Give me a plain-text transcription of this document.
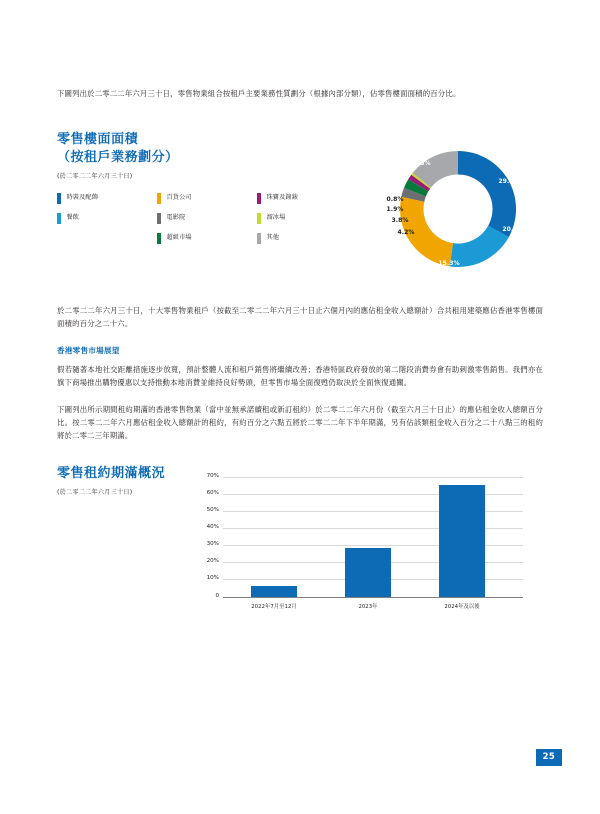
下圖列出於二零二二年六月三十日，零售物業組合按租戶主要業務性質劃分（根據內部分類），佔零售樓面面積的百分比。

零售樓面面積
（按租戶業務劃分）
(於二零二二年六月三十日)
時裝及配飾
餐飲
百貨公司
電影院
超級市場
珠寶及鐘錶
溜冰場
其他
29.3%
20.2%
15.3%
4.2%
3.8%
1.9%
0.8%
24.5%

於二零二二年六月三十日，十大零售物業租戶（按截至二零二二年六月三十日止六個月內的應佔租金收入總額計）合共租用建築應佔香港零售樓面面積的百分之二十六。

香港零售市場展望

假若隨著本地社交距離措施逐步放寬，預計整體人流和租戶銷售將繼續改善；香港特區政府發放的第二階段消費券會有助刺激零售銷售。我們亦在旗下商場推出購物優惠以支持推動本地消費並維持良好勢頭，但零售市場全面復甦仍取決於全面恢復通關。

下圖列出所示期間租約期滿的香港零售物業（當中並無承諾續租或新訂租約）於二零二二年六月份（截至六月三十日止）的應佔租金收入總額百分比。按二零二二年六月應佔租金收入總額計的租約，有約百分之六點五將於二零二二年下半年期滿，另有佔該類租金收入百分之二十八點三的租約將於二零二三年期滿。

零售租約期滿概況
(於二零二二年六月三十日)
70%
60%
50%
40%
30%
20%
10%
0
2022年7月至12月	2023年	2024年及以後
25
